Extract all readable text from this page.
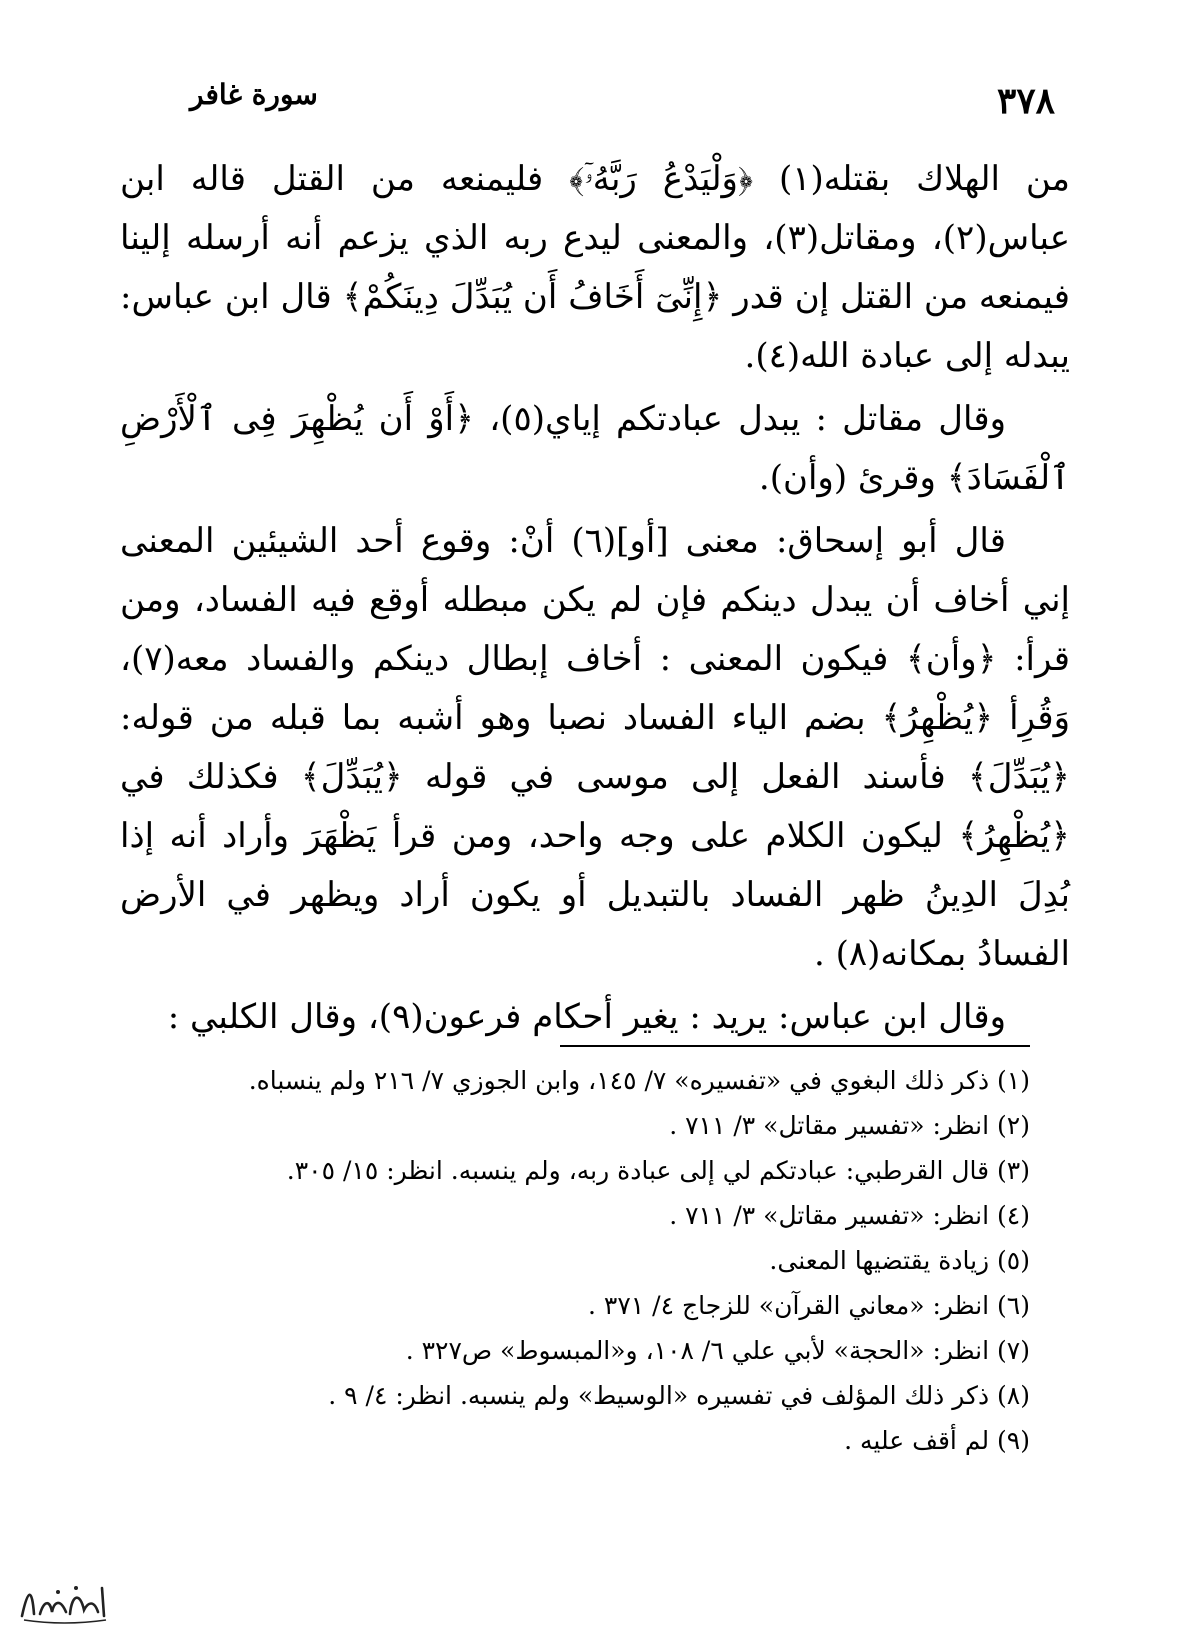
٣٧٨
سورة غافر

من الهلاك بقتله(١) ﴿وَلْيَدْعُ رَبَّهُۥٓ﴾ فليمنعه من القتل قاله ابن عباس(٢)، ومقاتل(٣)، والمعنى ليدع ربه الذي يزعم أنه أرسله إلينا فيمنعه من القتل إن قدر ﴿إِنِّىٓ أَخَافُ أَن يُبَدِّلَ دِينَكُمْ﴾ قال ابن عباس: يبدله إلى عبادة الله(٤).

وقال مقاتل : يبدل عبادتكم إياي(٥)، ﴿أَوْ أَن يُظْهِرَ فِى ٱلْأَرْضِ ٱلْفَسَادَ﴾ وقرئ (وأن).

قال أبو إسحاق: معنى [أو](٦) أنْ: وقوع أحد الشيئين المعنى إني أخاف أن يبدل دينكم فإن لم يكن مبطله أوقع فيه الفساد، ومن قرأ: ﴿وأن﴾ فيكون المعنى : أخاف إبطال دينكم والفساد معه(٧)، وَقُرِأ ﴿يُظْهِرُ﴾ بضم الياء الفساد نصبا وهو أشبه بما قبله من قوله: ﴿يُبَدِّلَ﴾ فأسند الفعل إلى موسى في قوله ﴿يُبَدِّلَ﴾ فكذلك في ﴿يُظْهِرُ﴾ ليكون الكلام على وجه واحد، ومن قرأ يَظْهَرَ وأراد أنه إذا بُدِلَ الدِينُ ظهر الفساد بالتبديل أو يكون أراد ويظهر في الأرض الفسادُ بمكانه(٨) .

وقال ابن عباس: يريد : يغير أحكام فرعون(٩)، وقال الكلبي :

(١) ذكر ذلك البغوي في «تفسيره» ٧/ ١٤٥، وابن الجوزي ٧/ ٢١٦ ولم ينسباه.

(٢) انظر: «تفسير مقاتل» ٣/ ٧١١ .

(٣) قال القرطبي: عبادتكم لي إلى عبادة ربه، ولم ينسبه. انظر: ١٥/ ٣٠٥.

(٤) انظر: «تفسير مقاتل» ٣/ ٧١١ .

(٥) زيادة يقتضيها المعنى.

(٦) انظر: «معاني القرآن» للزجاج ٤/ ٣٧١ .

(٧) انظر: «الحجة» لأبي علي ٦/ ١٠٨، و«المبسوط» ص٣٢٧ .

(٨) ذكر ذلك المؤلف في تفسيره «الوسيط» ولم ينسبه. انظر: ٤/ ٩ .

(٩) لم أقف عليه .
